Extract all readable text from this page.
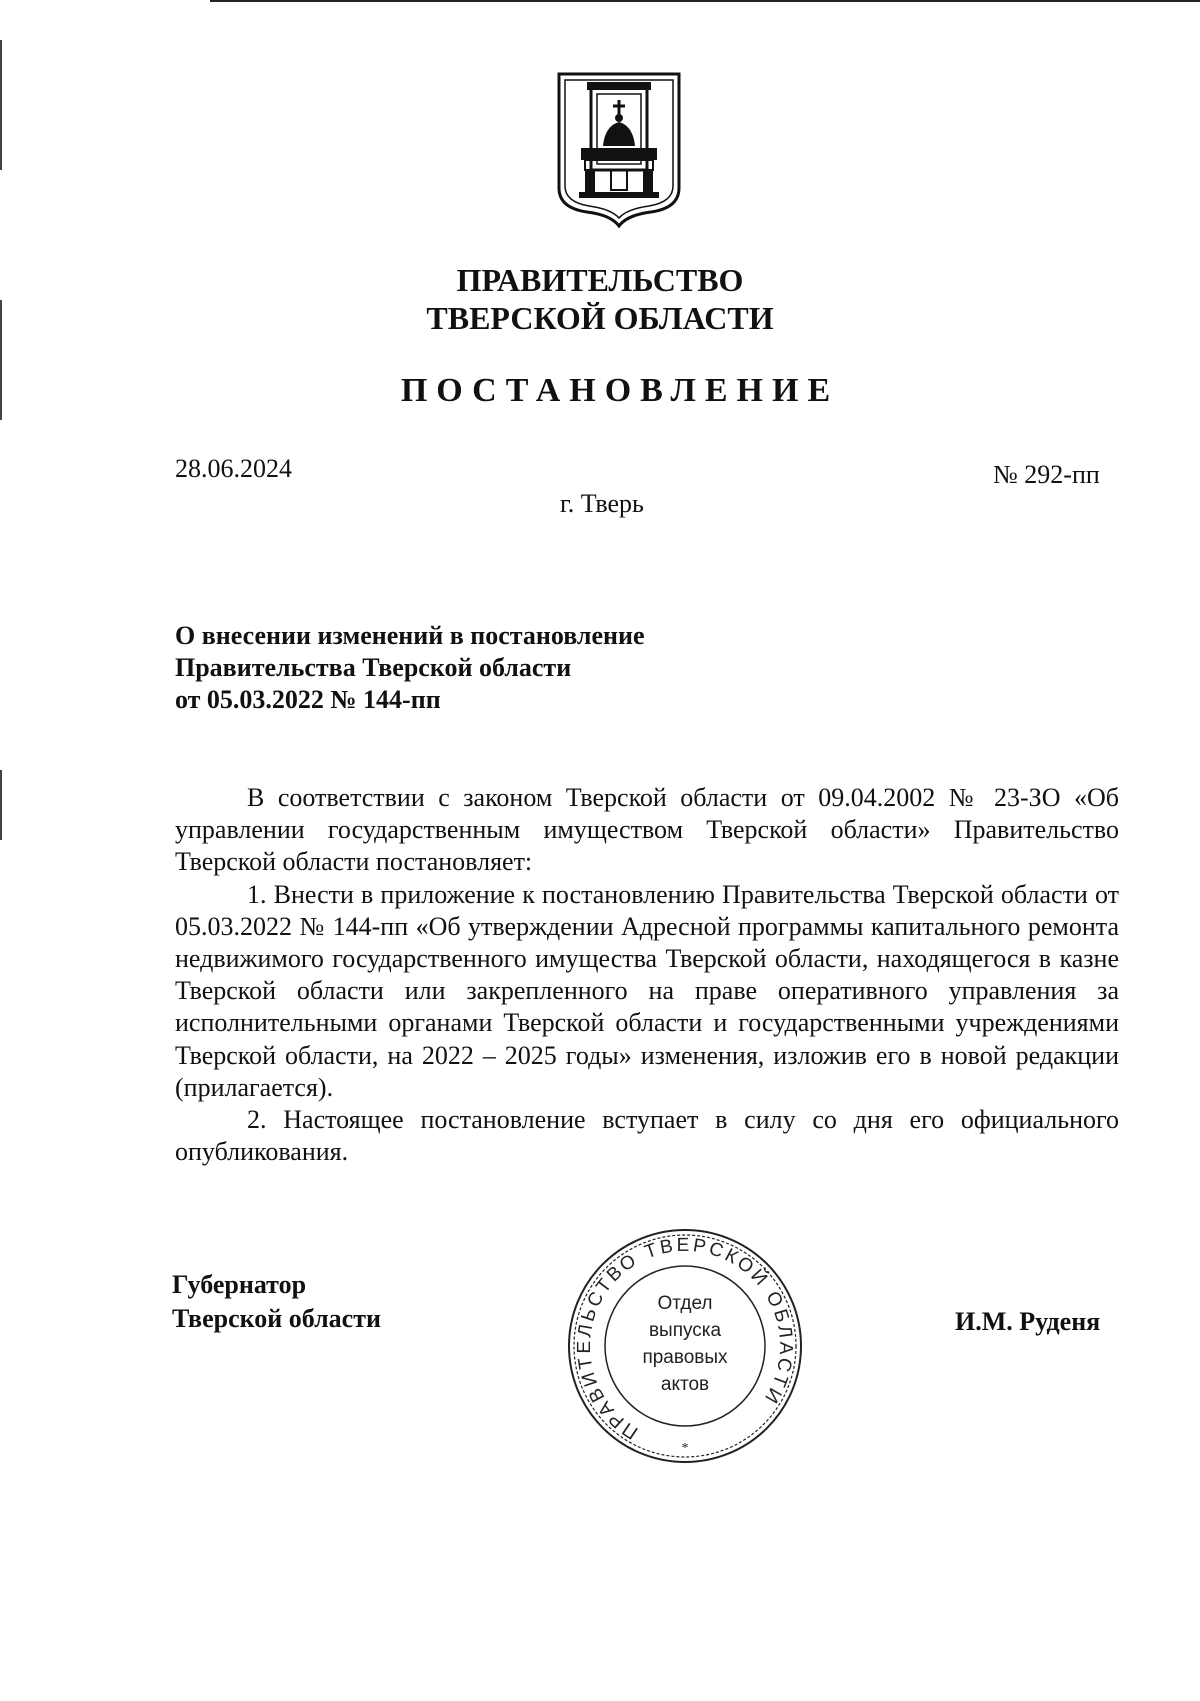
ПРАВИТЕЛЬСТВО
ТВЕРСКОЙ ОБЛАСТИ
ПОСТАНОВЛЕНИЕ
28.06.2024	№ 292-пп
г. Тверь
О внесении изменений в постановление
Правительства Тверской области
от 05.03.2022 № 144-пп

В соответствии с законом Тверской области от 09.04.2002 № 23-ЗО «Об управлении государственным имуществом Тверской области» Правительство Тверской области постановляет:

1. Внести в приложение к постановлению Правительства Тверской области от 05.03.2022 № 144-пп «Об утверждении Адресной программы капитального ремонта недвижимого государственного имущества Тверской области, находящегося в казне Тверской области или закрепленного на праве оперативного управления за исполнительными органами Тверской области и государственными учреждениями Тверской области, на 2022 – 2025 годы» изменения, изложив его в новой редакции (прилагается).

2. Настоящее постановление вступает в силу со дня его официального опубликования.

Губернатор
Тверской области	И.М. Руденя
ПРАВИТЕЛЬСТВО ТВЕРСКОЙ ОБЛАСТИ
*
Отдел
выпуска
правовых
актов
